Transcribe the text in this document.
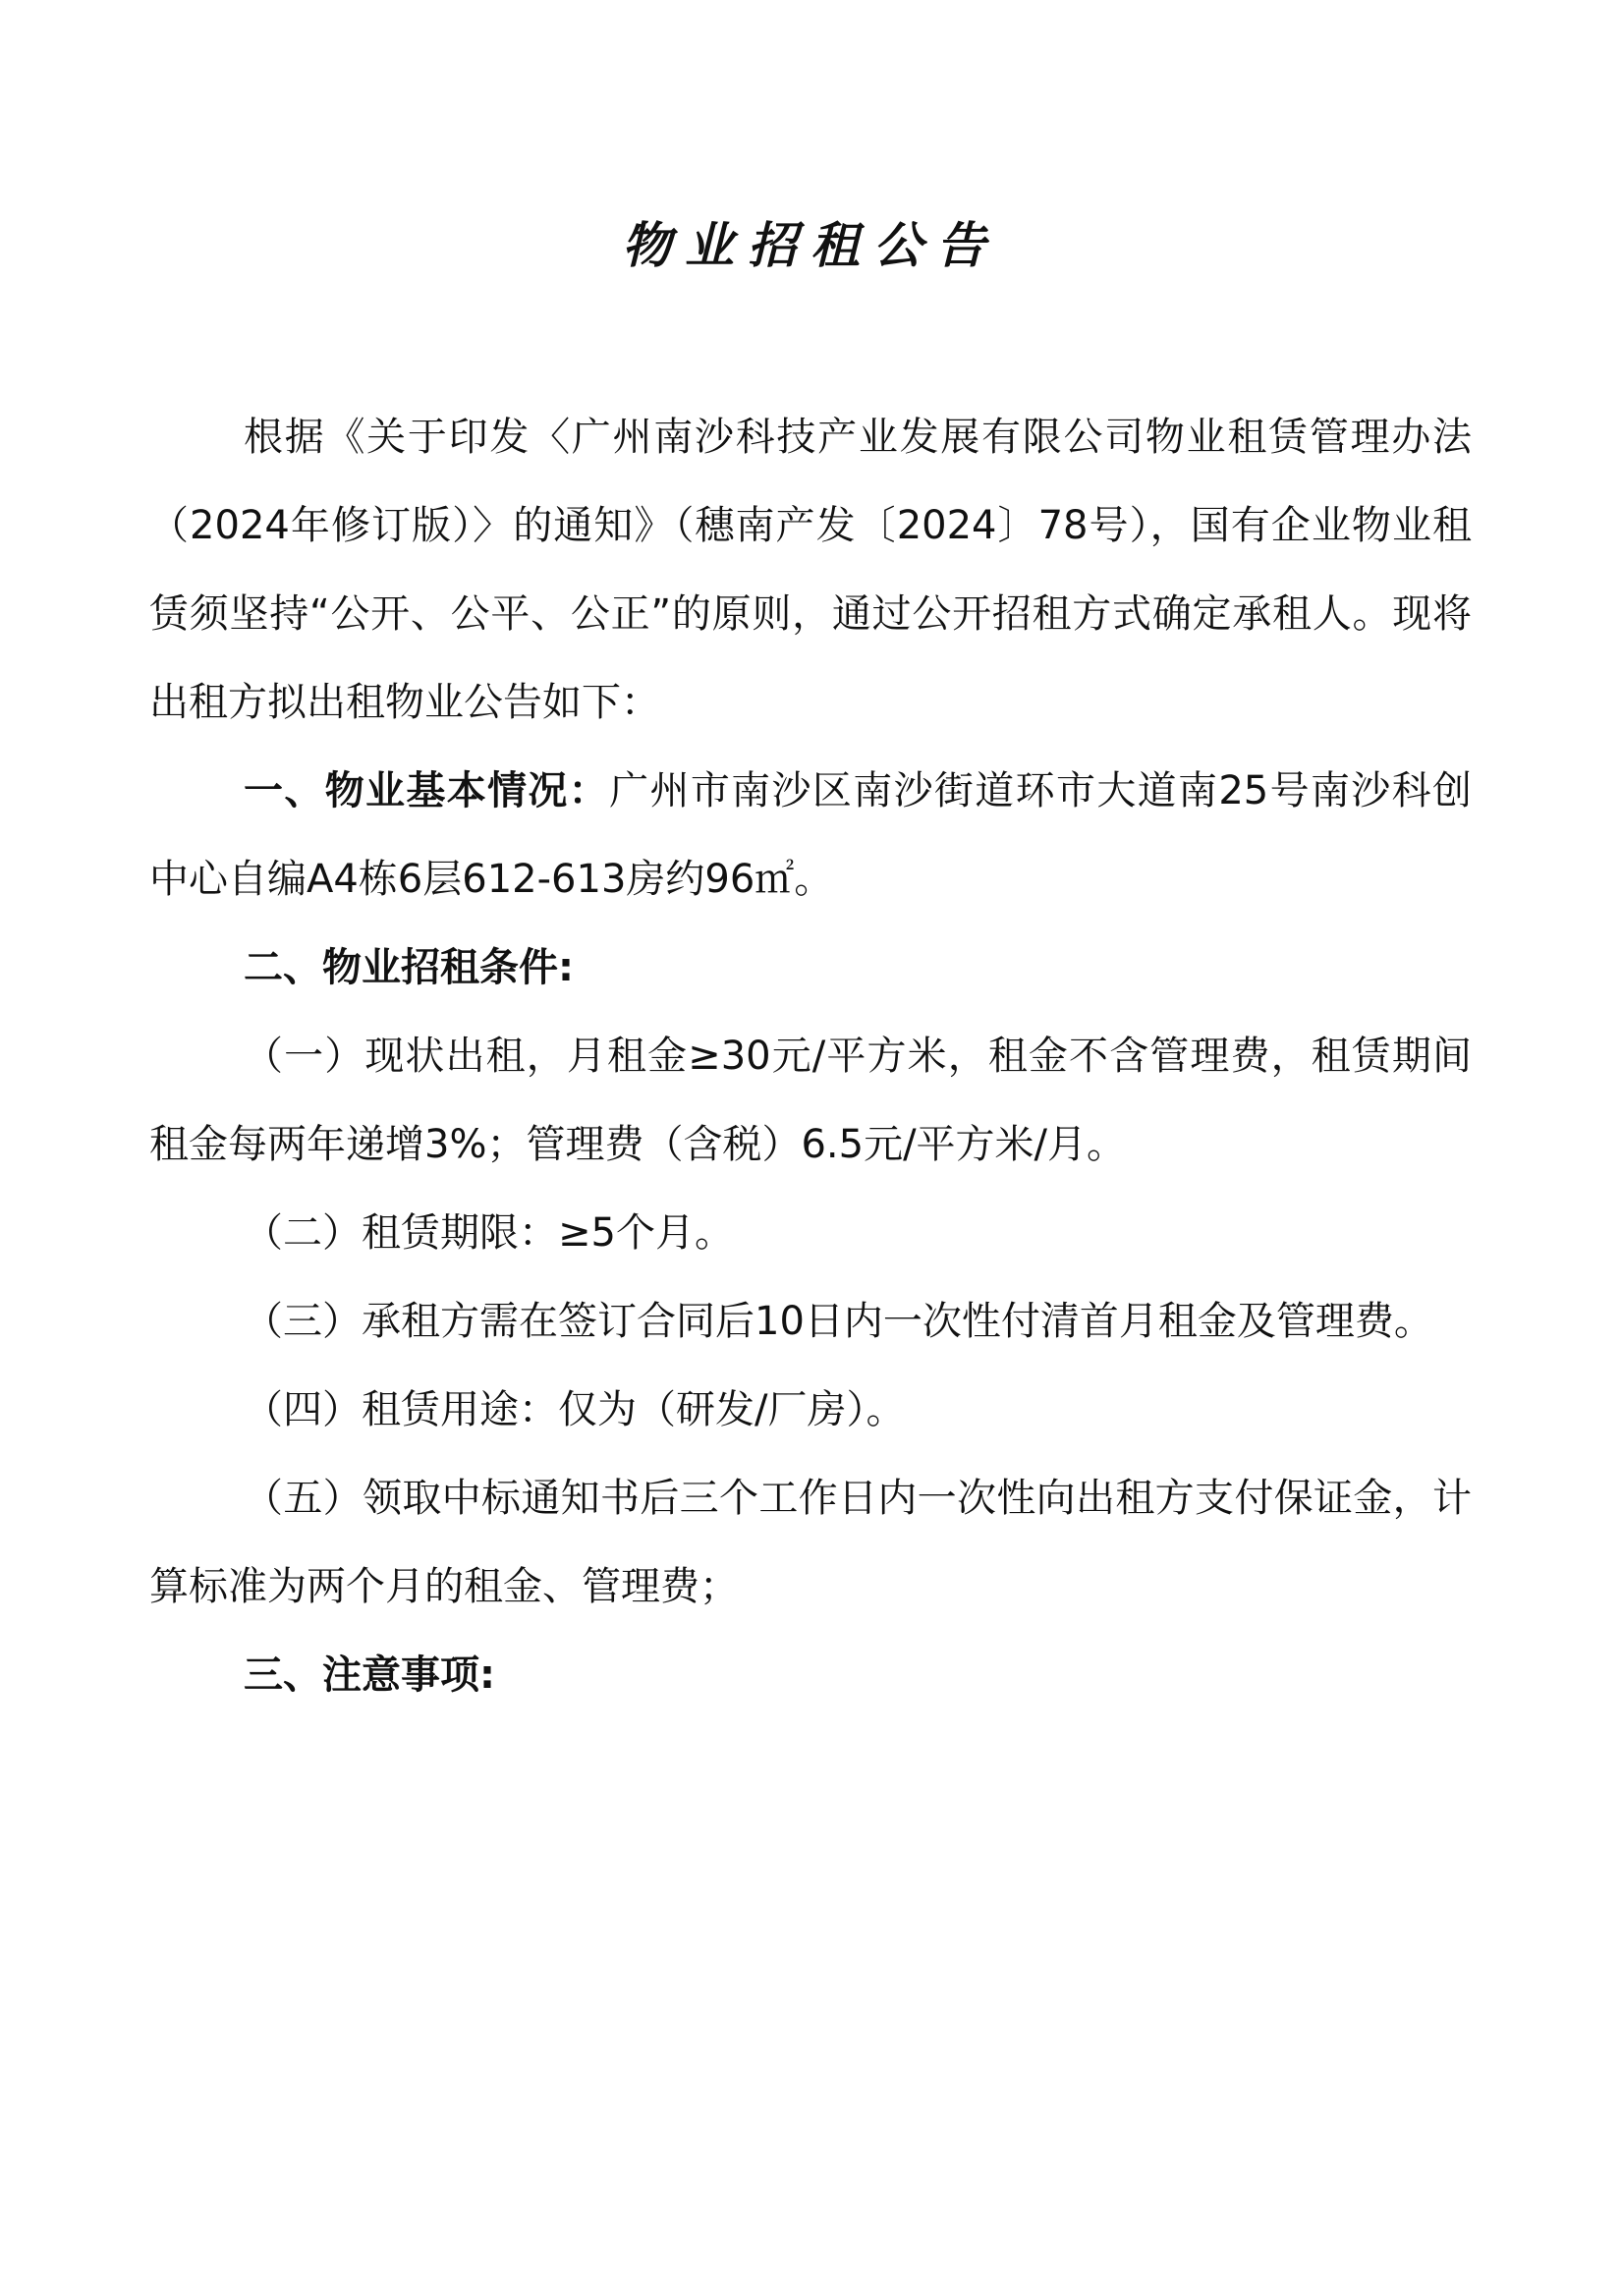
物业招租公告

根据《关于印发〈广州南沙科技产业发展有限公司物业租赁管理办法（2024年修订版）〉的通知》（穗南产发〔2024〕78号），国有企业物业租赁须坚持“公开、公平、公正”的原则，通过公开招租方式确定承租人。现将出租方拟出租物业公告如下：

一、物业基本情况：广州市南沙区南沙街道环市大道南25号南沙科创中心自编A4栋6层612-613房约96㎡。

二、物业招租条件:

（一）现状出租，月租金≥30元/平方米，租金不含管理费，租赁期间租金每两年递增3%；管理费（含税）6.5元/平方米/月。

（二）租赁期限：≥5个月。

（三）承租方需在签订合同后10日内一次性付清首月租金及管理费。

（四）租赁用途：仅为（研发/厂房）。

（五）领取中标通知书后三个工作日内一次性向出租方支付保证金，计算标准为两个月的租金、管理费；

三、注意事项:
